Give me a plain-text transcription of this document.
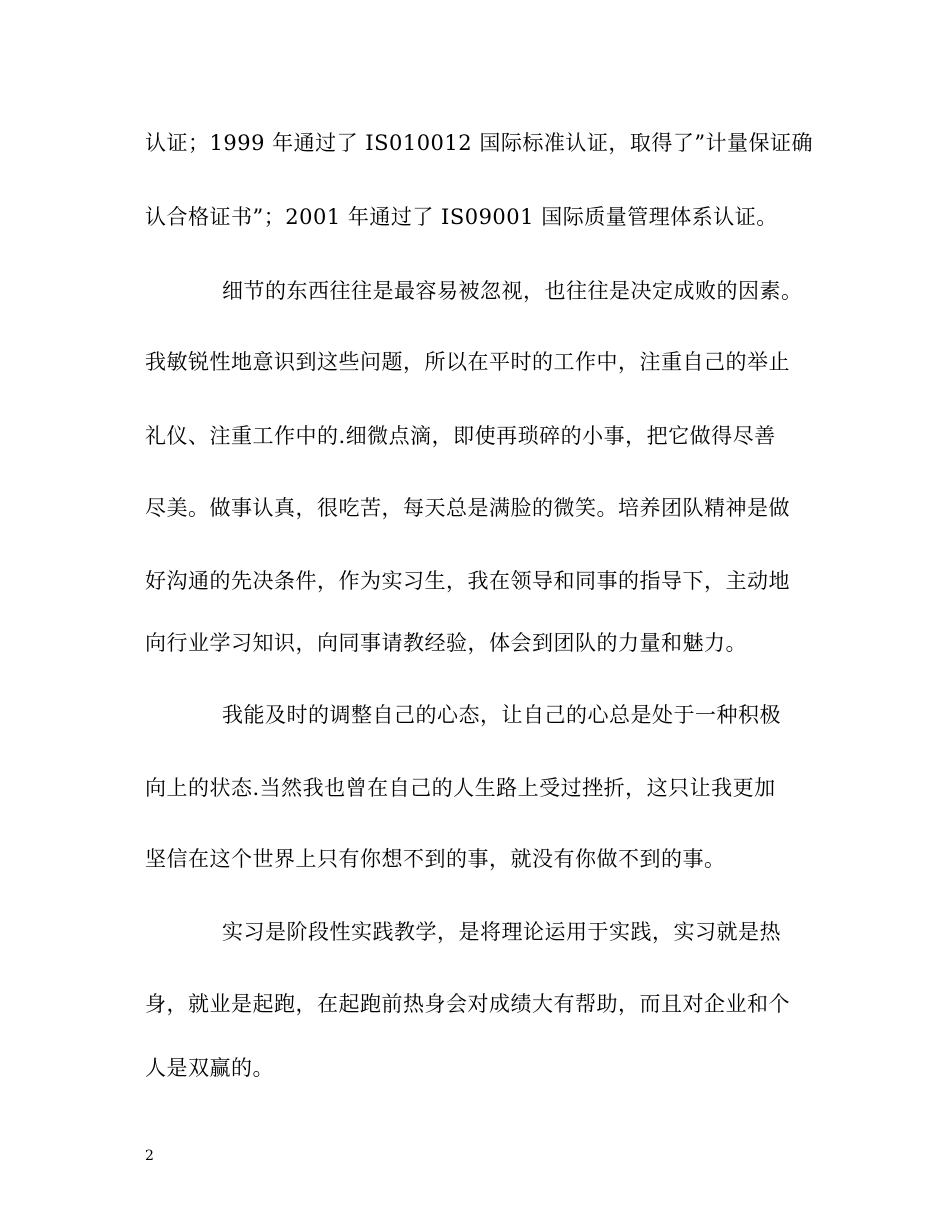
认证；1999 年通过了 IS010012 国际标准认证，取得了”计量保证确
认合格证书”；2001 年通过了 IS09001 国际质量管理体系认证。
细节的东西往往是最容易被忽视，也往往是决定成败的因素。
我敏锐性地意识到这些问题，所以在平时的工作中，注重自己的举止
礼仪、注重工作中的.细微点滴，即使再琐碎的小事，把它做得尽善
尽美。做事认真，很吃苦，每天总是满脸的微笑。培养团队精神是做
好沟通的先决条件，作为实习生，我在领导和同事的指导下，主动地
向行业学习知识，向同事请教经验，体会到团队的力量和魅力。
我能及时的调整自己的心态，让自己的心总是处于一种积极
向上的状态.当然我也曾在自己的人生路上受过挫折，这只让我更加
坚信在这个世界上只有你想不到的事，就没有你做不到的事。
实习是阶段性实践教学，是将理论运用于实践，实习就是热
身，就业是起跑，在起跑前热身会对成绩大有帮助，而且对企业和个
人是双赢的。
2
